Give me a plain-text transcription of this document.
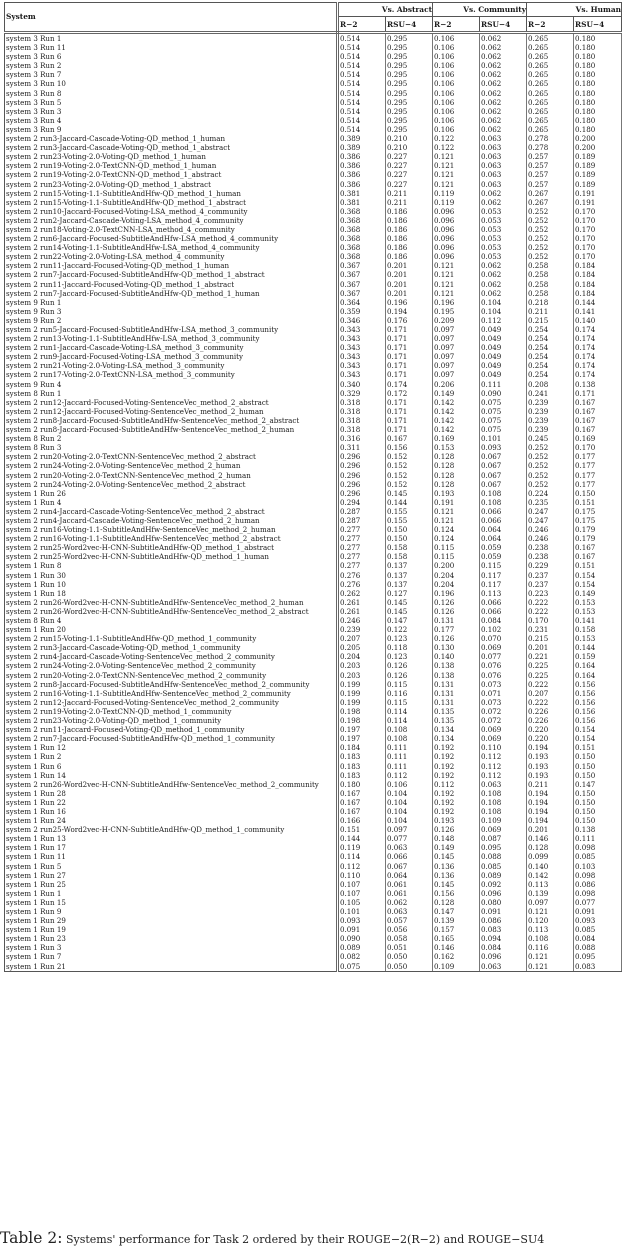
System	Vs. Abstract		Vs. Community		Vs. Human	
	R−2	RSU−4	R−2	RSU−4	R−2	RSU−4
system 3 Run 1	0.514	0.295	0.106	0.062	0.265	0.180
system 3 Run 11	0.514	0.295	0.106	0.062	0.265	0.180
system 3 Run 6	0.514	0.295	0.106	0.062	0.265	0.180
system 3 Run 2	0.514	0.295	0.106	0.062	0.265	0.180
system 3 Run 7	0.514	0.295	0.106	0.062	0.265	0.180
system 3 Run 10	0.514	0.295	0.106	0.062	0.265	0.180
system 3 Run 8	0.514	0.295	0.106	0.062	0.265	0.180
system 3 Run 5	0.514	0.295	0.106	0.062	0.265	0.180
system 3 Run 3	0.514	0.295	0.106	0.062	0.265	0.180
system 3 Run 4	0.514	0.295	0.106	0.062	0.265	0.180
system 3 Run 9	0.514	0.295	0.106	0.062	0.265	0.180
system 2 run3-Jaccard-Cascade-Voting-QD_method_1_human	0.389	0.210	0.122	0.063	0.278	0.200
system 2 run3-Jaccard-Cascade-Voting-QD_method_1_abstract	0.389	0.210	0.122	0.063	0.278	0.200
system 2 run23-Voting-2.0-Voting-QD_method_1_human	0.386	0.227	0.121	0.063	0.257	0.189
system 2 run19-Voting-2.0-TextCNN-QD_method_1_human	0.386	0.227	0.121	0.063	0.257	0.189
system 2 run19-Voting-2.0-TextCNN-QD_method_1_abstract	0.386	0.227	0.121	0.063	0.257	0.189
system 2 run23-Voting-2.0-Voting-QD_method_1_abstract	0.386	0.227	0.121	0.063	0.257	0.189
system 2 run15-Voting-1.1-SubtitleAndHfw-QD_method_1_human	0.381	0.211	0.119	0.062	0.267	0.191
system 2 run15-Voting-1.1-SubtitleAndHfw-QD_method_1_abstract	0.381	0.211	0.119	0.062	0.267	0.191
system 2 run10-Jaccard-Focused-Voting-LSA_method_4_community	0.368	0.186	0.096	0.053	0.252	0.170
system 2 run2-Jaccard-Cascade-Voting-LSA_method_4_community	0.368	0.186	0.096	0.053	0.252	0.170
system 2 run18-Voting-2.0-TextCNN-LSA_method_4_community	0.368	0.186	0.096	0.053	0.252	0.170
system 2 run6-Jaccard-Focused-SubtitleAndHfw-LSA_method_4_community	0.368	0.186	0.096	0.053	0.252	0.170
system 2 run14-Voting-1.1-SubtitleAndHfw-LSA_method_4_community	0.368	0.186	0.096	0.053	0.252	0.170
system 2 run22-Voting-2.0-Voting-LSA_method_4_community	0.368	0.186	0.096	0.053	0.252	0.170
system 2 run11-Jaccard-Focused-Voting-QD_method_1_human	0.367	0.201	0.121	0.062	0.258	0.184
system 2 run7-Jaccard-Focused-SubtitleAndHfw-QD_method_1_abstract	0.367	0.201	0.121	0.062	0.258	0.184
system 2 run11-Jaccard-Focused-Voting-QD_method_1_abstract	0.367	0.201	0.121	0.062	0.258	0.184
system 2 run7-Jaccard-Focused-SubtitleAndHfw-QD_method_1_human	0.367	0.201	0.121	0.062	0.258	0.184
system 9 Run 1	0.364	0.196	0.196	0.104	0.218	0.144
system 9 Run 3	0.359	0.194	0.195	0.104	0.211	0.141
system 9 Run 2	0.346	0.176	0.209	0.112	0.215	0.140
system 2 run5-Jaccard-Focused-SubtitleAndHfw-LSA_method_3_community	0.343	0.171	0.097	0.049	0.254	0.174
system 2 run13-Voting-1.1-SubtitleAndHfw-LSA_method_3_community	0.343	0.171	0.097	0.049	0.254	0.174
system 2 run1-Jaccard-Cascade-Voting-LSA_method_3_community	0.343	0.171	0.097	0.049	0.254	0.174
system 2 run9-Jaccard-Focused-Voting-LSA_method_3_community	0.343	0.171	0.097	0.049	0.254	0.174
system 2 run21-Voting-2.0-Voting-LSA_method_3_community	0.343	0.171	0.097	0.049	0.254	0.174
system 2 run17-Voting-2.0-TextCNN-LSA_method_3_community	0.343	0.171	0.097	0.049	0.254	0.174
system 9 Run 4	0.340	0.174	0.206	0.111	0.208	0.138
system 8 Run 1	0.329	0.172	0.149	0.090	0.241	0.171
system 2 run12-Jaccard-Focused-Voting-SentenceVec_method_2_abstract	0.318	0.171	0.142	0.075	0.239	0.167
system 2 run12-Jaccard-Focused-Voting-SentenceVec_method_2_human	0.318	0.171	0.142	0.075	0.239	0.167
system 2 run8-Jaccard-Focused-SubtitleAndHfw-SentenceVec_method_2_abstract	0.318	0.171	0.142	0.075	0.239	0.167
system 2 run8-Jaccard-Focused-SubtitleAndHfw-SentenceVec_method_2_human	0.318	0.171	0.142	0.075	0.239	0.167
system 8 Run 2	0.316	0.167	0.169	0.101	0.245	0.169
system 8 Run 3	0.311	0.156	0.153	0.093	0.252	0.170
system 2 run20-Voting-2.0-TextCNN-SentenceVec_method_2_abstract	0.296	0.152	0.128	0.067	0.252	0.177
system 2 run24-Voting-2.0-Voting-SentenceVec_method_2_human	0.296	0.152	0.128	0.067	0.252	0.177
system 2 run20-Voting-2.0-TextCNN-SentenceVec_method_2_human	0.296	0.152	0.128	0.067	0.252	0.177
system 2 run24-Voting-2.0-Voting-SentenceVec_method_2_abstract	0.296	0.152	0.128	0.067	0.252	0.177
system 1 Run 26	0.296	0.145	0.193	0.108	0.224	0.150
system 1 Run 4	0.294	0.144	0.191	0.108	0.235	0.151
system 2 run4-Jaccard-Cascade-Voting-SentenceVec_method_2_abstract	0.287	0.155	0.121	0.066	0.247	0.175
system 2 run4-Jaccard-Cascade-Voting-SentenceVec_method_2_human	0.287	0.155	0.121	0.066	0.247	0.175
system 2 run16-Voting-1.1-SubtitleAndHfw-SentenceVec_method_2_human	0.277	0.150	0.124	0.064	0.246	0.179
system 2 run16-Voting-1.1-SubtitleAndHfw-SentenceVec_method_2_abstract	0.277	0.150	0.124	0.064	0.246	0.179
system 2 run25-Word2vec-H-CNN-SubtitleAndHfw-QD_method_1_abstract	0.277	0.158	0.115	0.059	0.238	0.167
system 2 run25-Word2vec-H-CNN-SubtitleAndHfw-QD_method_1_human	0.277	0.158	0.115	0.059	0.238	0.167
system 1 Run 8	0.277	0.137	0.200	0.115	0.229	0.151
system 1 Run 30	0.276	0.137	0.204	0.117	0.237	0.154
system 1 Run 10	0.276	0.137	0.204	0.117	0.237	0.154
system 1 Run 18	0.262	0.127	0.196	0.113	0.223	0.149
system 2 run26-Word2vec-H-CNN-SubtitleAndHfw-SentenceVec_method_2_human	0.261	0.145	0.126	0.066	0.222	0.153
system 2 run26-Word2vec-H-CNN-SubtitleAndHfw-SentenceVec_method_2_abstract	0.261	0.145	0.126	0.066	0.222	0.153
system 8 Run 4	0.246	0.147	0.131	0.084	0.170	0.141
system 1 Run 20	0.239	0.122	0.177	0.102	0.231	0.158
system 2 run15-Voting-1.1-SubtitleAndHfw-QD_method_1_community	0.207	0.123	0.126	0.070	0.215	0.153
system 2 run3-Jaccard-Cascade-Voting-QD_method_1_community	0.205	0.118	0.130	0.069	0.201	0.144
system 2 run4-Jaccard-Cascade-Voting-SentenceVec_method_2_community	0.204	0.123	0.140	0.077	0.221	0.159
system 2 run24-Voting-2.0-Voting-SentenceVec_method_2_community	0.203	0.126	0.138	0.076	0.225	0.164
system 2 run20-Voting-2.0-TextCNN-SentenceVec_method_2_community	0.203	0.126	0.138	0.076	0.225	0.164
system 2 run8-Jaccard-Focused-SubtitleAndHfw-SentenceVec_method_2_community	0.199	0.115	0.131	0.073	0.222	0.156
system 2 run16-Voting-1.1-SubtitleAndHfw-SentenceVec_method_2_community	0.199	0.116	0.131	0.071	0.207	0.156
system 2 run12-Jaccard-Focused-Voting-SentenceVec_method_2_community	0.199	0.115	0.131	0.073	0.222	0.156
system 2 run19-Voting-2.0-TextCNN-QD_method_1_community	0.198	0.114	0.135	0.072	0.226	0.156
system 2 run23-Voting-2.0-Voting-QD_method_1_community	0.198	0.114	0.135	0.072	0.226	0.156
system 2 run11-Jaccard-Focused-Voting-QD_method_1_community	0.197	0.108	0.134	0.069	0.220	0.154
system 2 run7-Jaccard-Focused-SubtitleAndHfw-QD_method_1_community	0.197	0.108	0.134	0.069	0.220	0.154
system 1 Run 12	0.184	0.111	0.192	0.110	0.194	0.151
system 1 Run 2	0.183	0.111	0.192	0.112	0.193	0.150
system 1 Run 6	0.183	0.111	0.192	0.112	0.193	0.150
system 1 Run 14	0.183	0.112	0.192	0.112	0.193	0.150
system 2 run26-Word2vec-H-CNN-SubtitleAndHfw-SentenceVec_method_2_community	0.180	0.106	0.112	0.063	0.211	0.147
system 1 Run 28	0.167	0.104	0.192	0.108	0.194	0.150
system 1 Run 22	0.167	0.104	0.192	0.108	0.194	0.150
system 1 Run 16	0.167	0.104	0.192	0.108	0.194	0.150
system 1 Run 24	0.166	0.104	0.193	0.109	0.194	0.150
system 2 run25-Word2vec-H-CNN-SubtitleAndHfw-QD_method_1_community	0.151	0.097	0.126	0.069	0.201	0.138
system 1 Run 13	0.144	0.077	0.148	0.087	0.146	0.111
system 1 Run 17	0.119	0.063	0.149	0.095	0.128	0.098
system 1 Run 11	0.114	0.066	0.145	0.088	0.099	0.085
system 1 Run 5	0.112	0.067	0.136	0.085	0.140	0.103
system 1 Run 27	0.110	0.064	0.136	0.089	0.142	0.098
system 1 Run 25	0.107	0.061	0.145	0.092	0.113	0.086
system 1 Run 1	0.107	0.061	0.156	0.096	0.139	0.098
system 1 Run 15	0.105	0.062	0.128	0.080	0.097	0.077
system 1 Run 9	0.101	0.063	0.147	0.091	0.121	0.091
system 1 Run 29	0.093	0.057	0.139	0.086	0.120	0.093
system 1 Run 19	0.091	0.056	0.157	0.083	0.113	0.085
system 1 Run 23	0.090	0.058	0.165	0.094	0.108	0.084
system 1 Run 3	0.089	0.051	0.146	0.084	0.116	0.088
system 1 Run 7	0.082	0.050	0.162	0.096	0.121	0.095
system 1 Run 21	0.075	0.050	0.109	0.063	0.121	0.083
Table 2: Systems' performance for Task 2 ordered by their ROUGE−2(R−2) and ROUGE−SU4
